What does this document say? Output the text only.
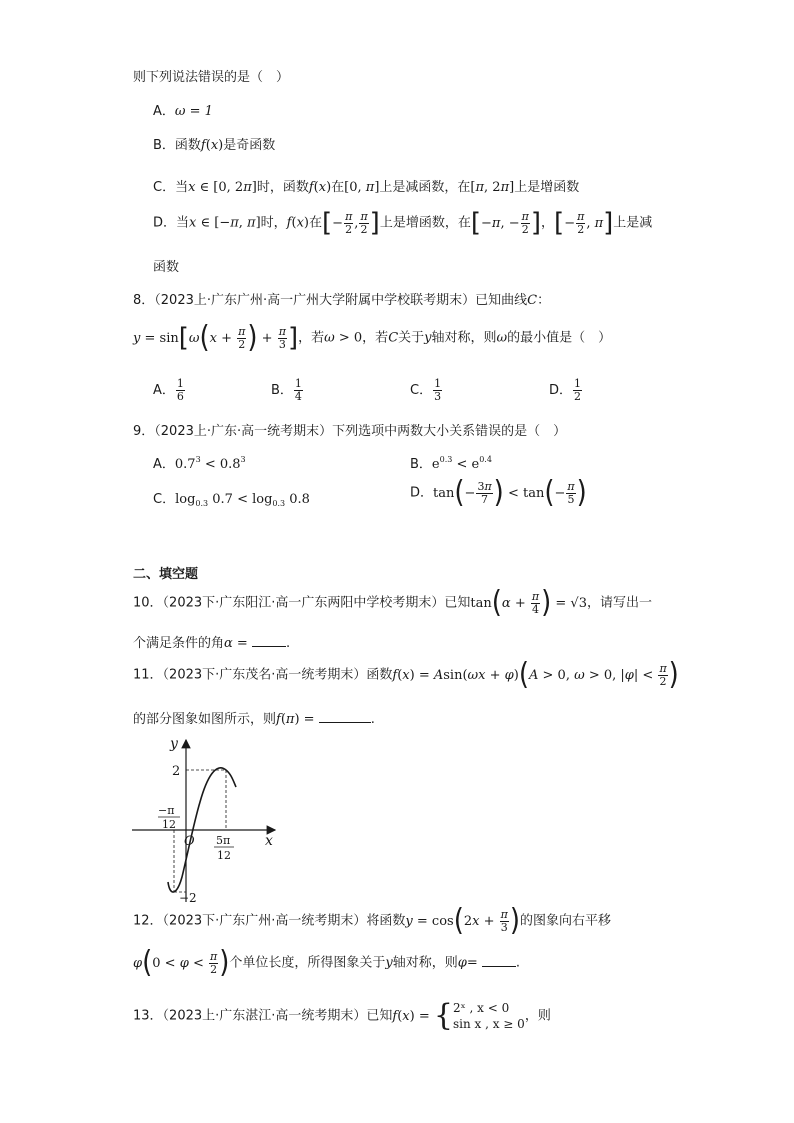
则下列说法错误的是（　）
A．ω = 1
B．函数f(x)是奇函数
C．当x ∈ [0, 2π]时，函数f(x)在[0, π]上是减函数，在[π, 2π]上是增函数
D．当x ∈ [−π, π]时，f(x)在[− $\frac{\pi}{2}$ , $\frac{\pi}{2}$ ]上是增函数，在[−π, − $\frac{\pi}{2}$ ]，[− $\frac{\pi}{2}$ , π]上是减
函数
8．（2023上·广东广州·高一广州大学附属中学校联考期末）已知曲线C：
$y = \sin[\omega(x + \frac{\pi}{2}$ ) + $\frac{\pi}{3}$ ]，若ω > 0，若C关于y轴对称，则ω的最小值是（　）
A． $\frac{1}{6}$	B． $\frac{1}{4}$	C． $\frac{1}{3}$	D． $\frac{1}{2}$
9．（2023上·广东·高一统考期末）下列选项中两数大小关系错误的是（　）
A．$0.7^3 < 0.8^3$	B．$e^{0.3} < e^{0.4}$
C．$\log_{0.3} 0.7 < \log_{0.3} 0.8$	D．$\tan(- \frac{3\pi}{7}$ ) < $\tan(- \frac{\pi}{5}$ )
二、填空题
10．（2023下·广东阳江·高一广东两阳中学校考期末）已知$\tan(\alpha + \frac{\pi}{4}$ ) = √3，请写出一
个满足条件的角α =	.
11．（2023下·广东茂名·高一统考期末）函数f(x) = Asin(ωx + φ)(A > 0, ω > 0, $|\varphi| < \frac{\pi}{2}$ )
的部分图象如图所示，则f(π) =	.
y
x
O
2
−2
−π
12
5π
12
12．（2023下·广东广州·高一统考期末）将函数$y = \cos(2x + \frac{\pi}{3}$ )的图象向右平移
$\varphi(0 < \varphi < \frac{\pi}{2}$ )个单位长度，所得图象关于y轴对称，则φ=	.
13．（2023上·广东湛江·高一统考期末）已知f(x) = { 2ˣ , x < 0
sin x , x ≥ 0
，则
